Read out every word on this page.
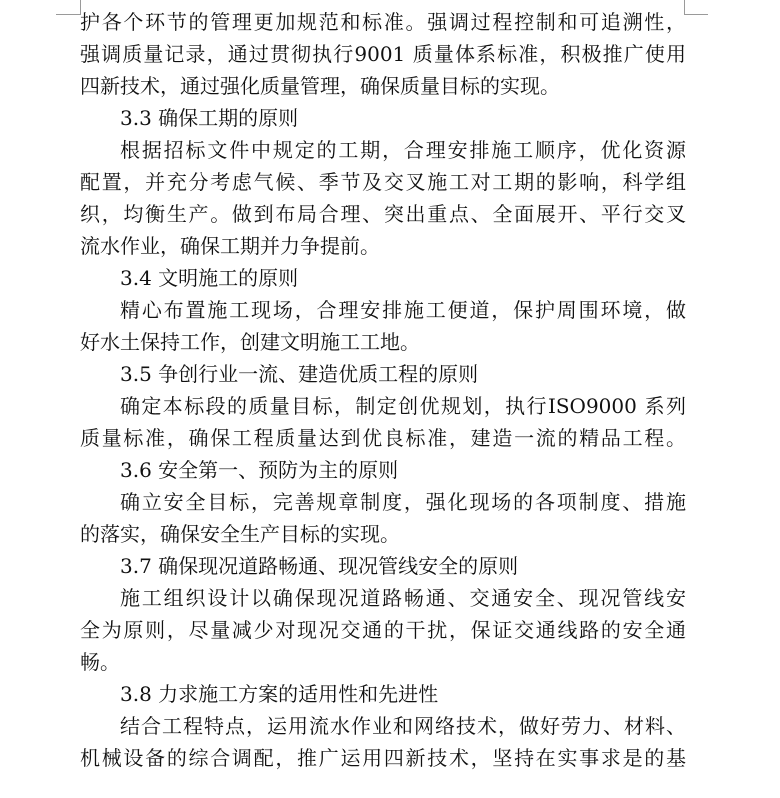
护各个环节的管理更加规范和标准。强调过程控制和可追溯性，
强调质量记录，通过贯彻执行9001 质量体系标准，积极推广使用
四新技术，通过强化质量管理，确保质量目标的实现。
3.3 确保工期的原则
根据招标文件中规定的工期，合理安排施工顺序，优化资源
配置，并充分考虑气候、季节及交叉施工对工期的影响，科学组
织，均衡生产。做到布局合理、突出重点、全面展开、平行交叉
流水作业，确保工期并力争提前。
3.4 文明施工的原则
精心布置施工现场，合理安排施工便道，保护周围环境，做
好水土保持工作，创建文明施工工地。
3.5 争创行业一流、建造优质工程的原则
确定本标段的质量目标，制定创优规划，执行ISO9000 系列
质量标准，确保工程质量达到优良标准，建造一流的精品工程。
3.6 安全第一、预防为主的原则
确立安全目标，完善规章制度，强化现场的各项制度、措施
的落实，确保安全生产目标的实现。
3.7 确保现况道路畅通、现况管线安全的原则
施工组织设计以确保现况道路畅通、交通安全、现况管线安
全为原则，尽量减少对现况交通的干扰，保证交通线路的安全通
畅。
3.8 力求施工方案的适用性和先进性
结合工程特点，运用流水作业和网络技术，做好劳力、材料、
机械设备的综合调配，推广运用四新技术，坚持在实事求是的基
